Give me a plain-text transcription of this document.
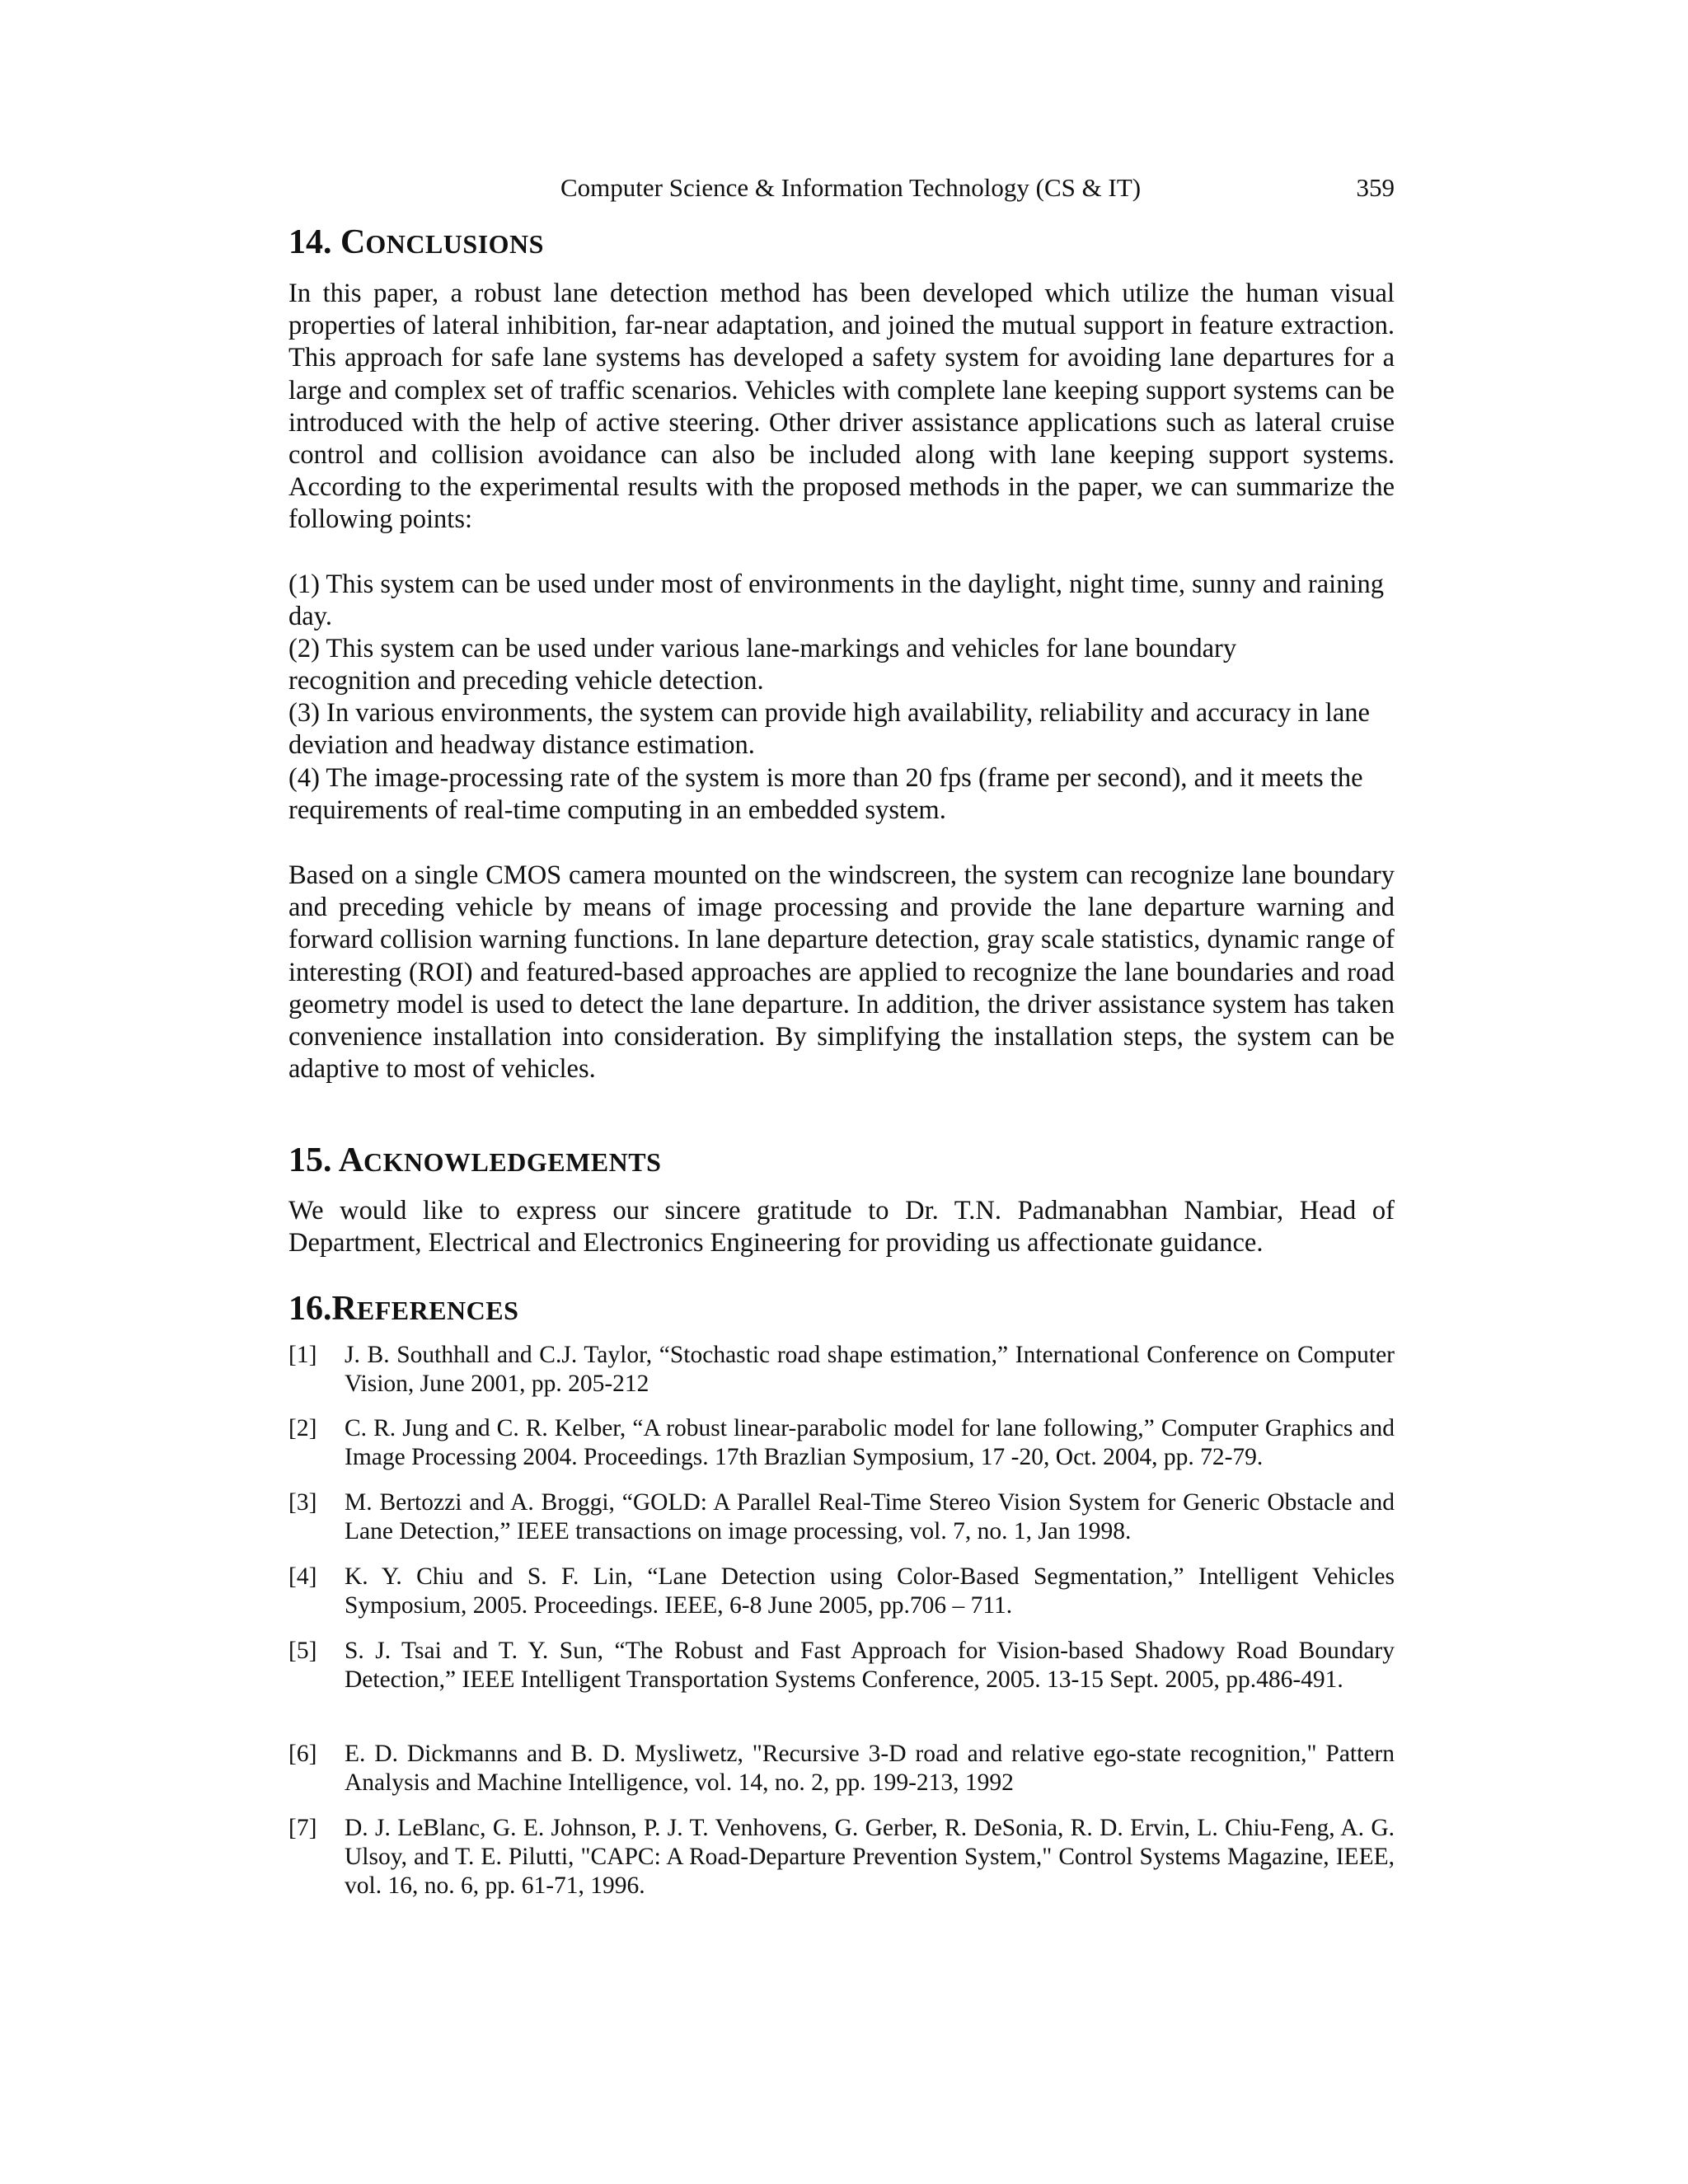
Computer Science & Information Technology (CS & IT)	359
14. CONCLUSIONS

In this paper, a robust lane detection method has been developed which utilize the human visual properties of lateral inhibition, far-near adaptation, and joined the mutual support in feature extraction. This approach for safe lane systems has developed a safety system for avoiding lane departures for a large and complex set of traffic scenarios. Vehicles with complete lane keeping support systems can be introduced with the help of active steering. Other driver assistance applications such as lateral cruise control and collision avoidance can also be included along with lane keeping support systems. According to the experimental results with the proposed methods in the paper, we can summarize the following points:

(1) This system can be used under most of environments in the daylight, night time, sunny and raining day.

(2) This system can be used under various lane-markings and vehicles for lane boundary recognition and preceding vehicle detection.

(3) In various environments, the system can provide high availability, reliability and accuracy in lane deviation and headway distance estimation.

(4) The image-processing rate of the system is more than 20 fps (frame per second), and it meets the requirements of real-time computing in an embedded system.

Based on a single CMOS camera mounted on the windscreen, the system can recognize lane boundary and preceding vehicle by means of image processing and provide the lane departure warning and forward collision warning functions. In lane departure detection, gray scale statistics, dynamic range of interesting (ROI) and featured-based approaches are applied to recognize the lane boundaries and road geometry model is used to detect the lane departure. In addition, the driver assistance system has taken convenience installation into consideration. By simplifying the installation steps, the system can be adaptive to most of vehicles.

15. ACKNOWLEDGEMENTS

We would like to express our sincere gratitude to Dr. T.N. Padmanabhan Nambiar, Head of Department, Electrical and Electronics Engineering for providing us affectionate guidance.

16.REFERENCES
[1] J. B. Southhall and C.J. Taylor, “Stochastic road shape estimation,” International Conference on Computer Vision, June 2001, pp. 205-212
[2] C. R. Jung and C. R. Kelber, “A robust linear-parabolic model for lane following,” Computer Graphics and Image Processing 2004. Proceedings. 17th Brazlian Symposium, 17 -20, Oct. 2004, pp. 72-79.
[3] M. Bertozzi and A. Broggi, “GOLD: A Parallel Real-Time Stereo Vision System for Generic Obstacle and Lane Detection,” IEEE transactions on image processing, vol. 7, no. 1, Jan 1998.
[4] K. Y. Chiu and S. F. Lin, “Lane Detection using Color-Based Segmentation,” Intelligent Vehicles Symposium, 2005. Proceedings. IEEE, 6-8 June 2005, pp.706 – 711.
[5] S. J. Tsai and T. Y. Sun, “The Robust and Fast Approach for Vision-based Shadowy Road Boundary Detection,” IEEE Intelligent Transportation Systems Conference, 2005. 13-15 Sept. 2005, pp.486-491.
[6] E. D. Dickmanns and B. D. Mysliwetz, "Recursive 3-D road and relative ego-state recognition," Pattern Analysis and Machine Intelligence, vol. 14, no. 2, pp. 199-213, 1992
[7] D. J. LeBlanc, G. E. Johnson, P. J. T. Venhovens, G. Gerber, R. DeSonia, R. D. Ervin, L. Chiu-Feng, A. G. Ulsoy, and T. E. Pilutti, "CAPC: A Road-Departure Prevention System," Control Systems Magazine, IEEE, vol. 16, no. 6, pp. 61-71, 1996.
